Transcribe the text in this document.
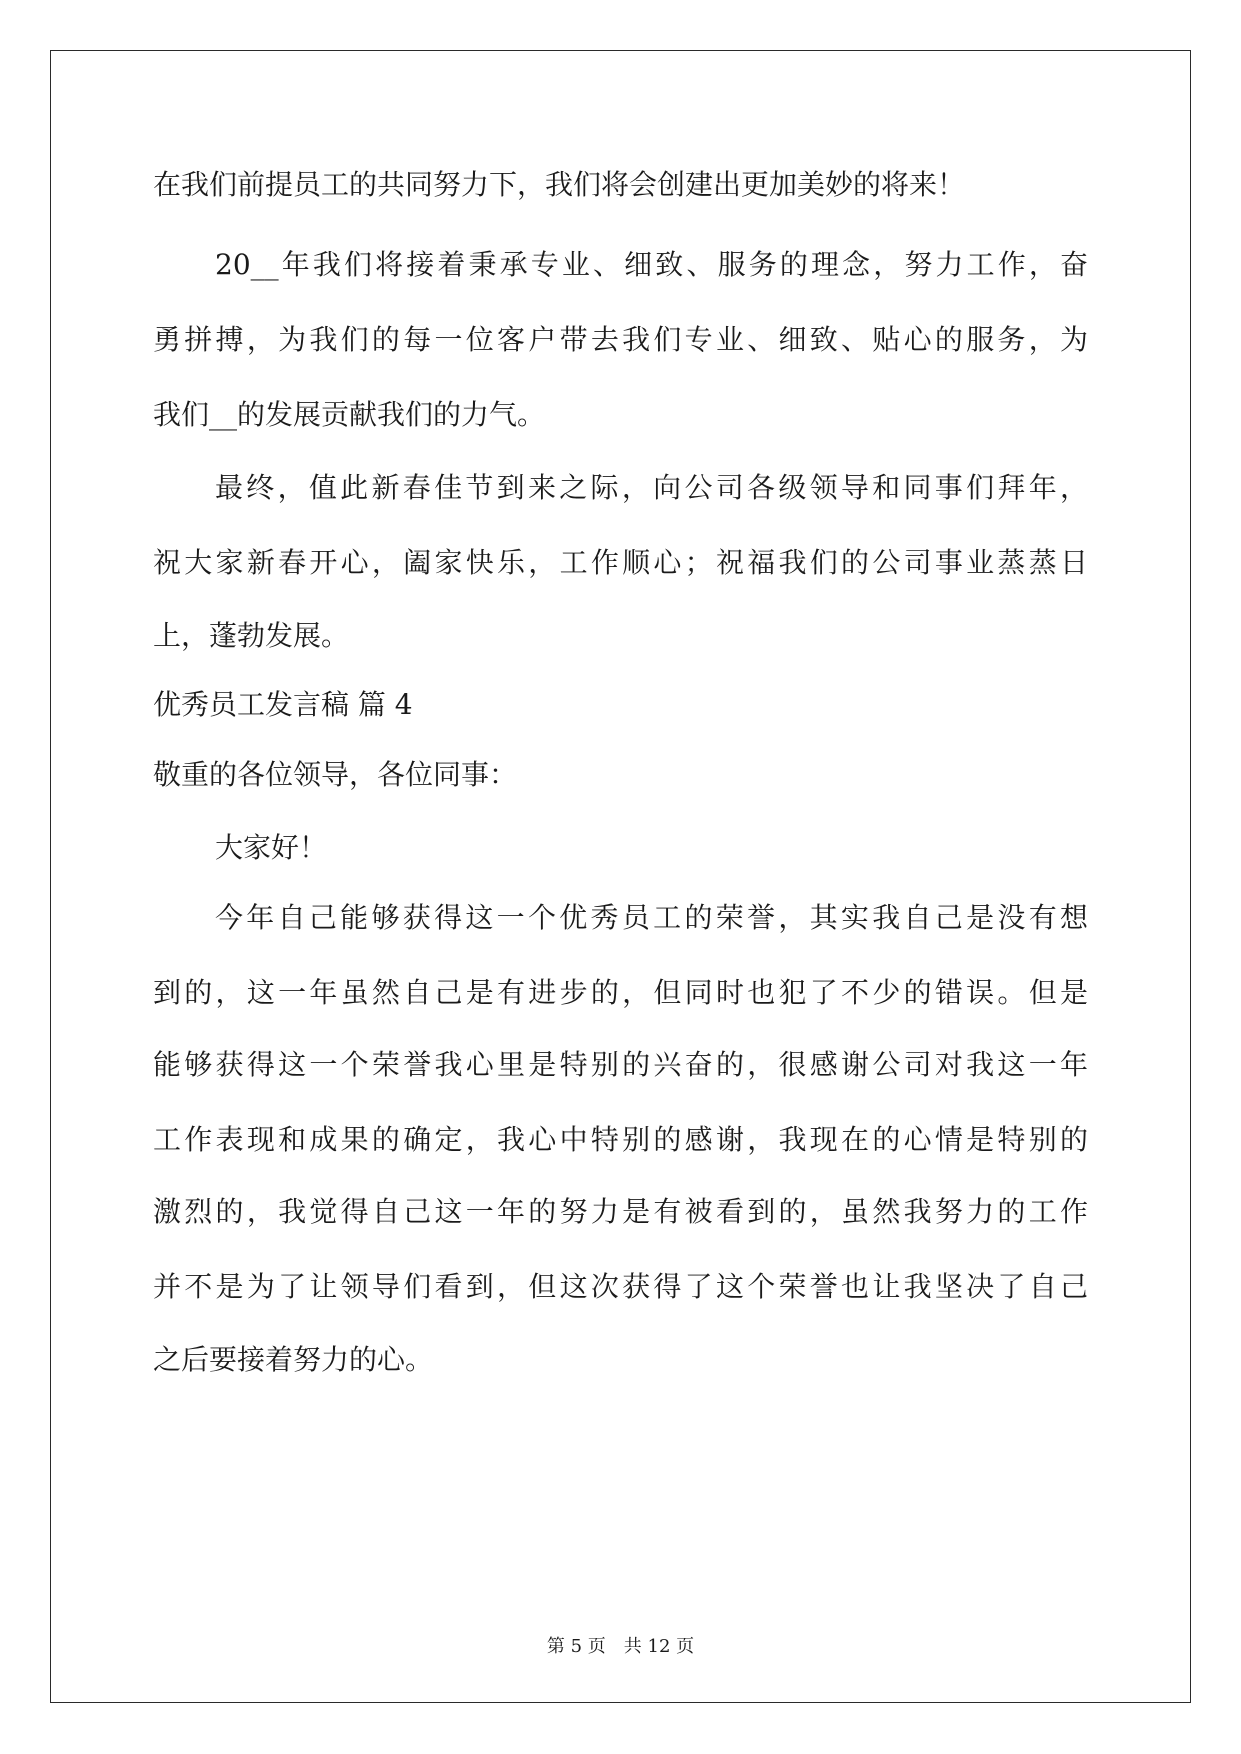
在我们前提员工的共同努力下，我们将会创建出更加美妙的将来！
20__年我们将接着秉承专业、细致、服务的理念，努力工作，奋
勇拼搏，为我们的每一位客户带去我们专业、细致、贴心的服务，为
我们__的发展贡献我们的力气。
最终，值此新春佳节到来之际，向公司各级领导和同事们拜年，
祝大家新春开心，阖家快乐，工作顺心；祝福我们的公司事业蒸蒸日
上，蓬勃发展。
优秀员工发言稿 篇 4
敬重的各位领导，各位同事：
大家好！
今年自己能够获得这一个优秀员工的荣誉，其实我自己是没有想
到的，这一年虽然自己是有进步的，但同时也犯了不少的错误。但是
能够获得这一个荣誉我心里是特别的兴奋的，很感谢公司对我这一年
工作表现和成果的确定，我心中特别的感谢，我现在的心情是特别的
激烈的，我觉得自己这一年的努力是有被看到的，虽然我努力的工作
并不是为了让领导们看到，但这次获得了这个荣誉也让我坚决了自己
之后要接着努力的心。
第 5 页 共 12 页
